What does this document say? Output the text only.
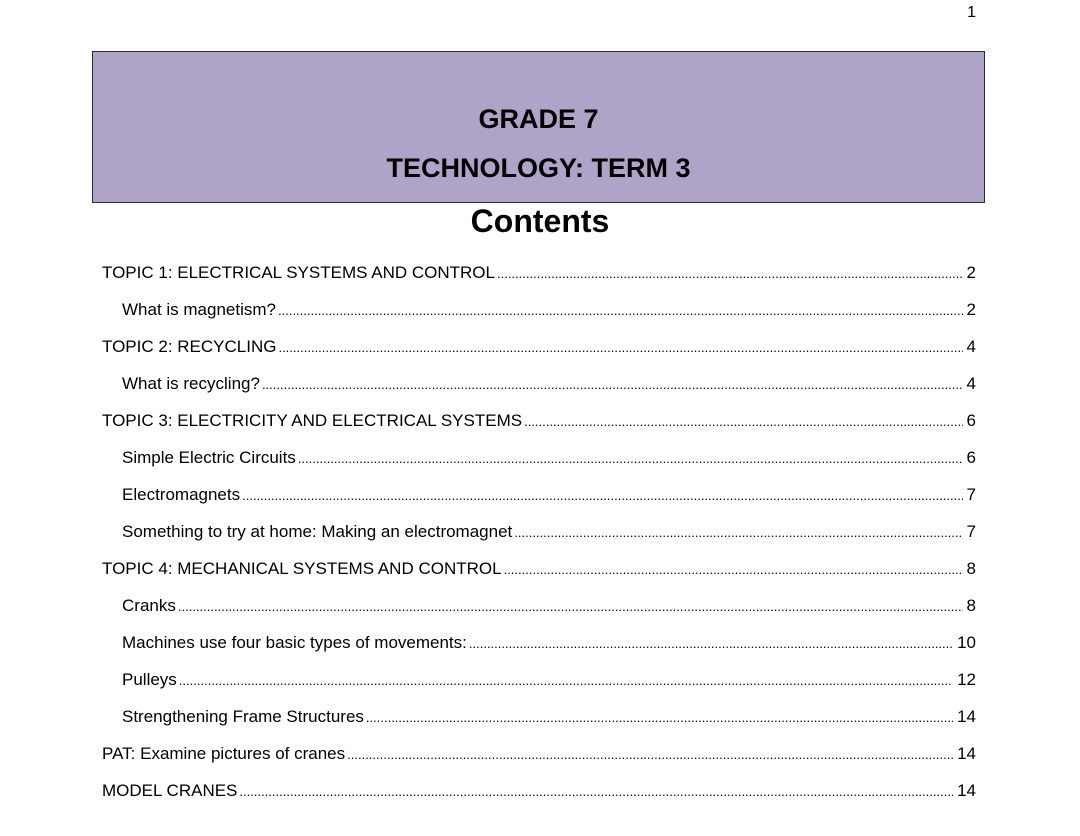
1
GRADE 7
TECHNOLOGY: TERM 3
Contents
TOPIC 1: ELECTRICAL SYSTEMS AND CONTROL .....	2
What is magnetism? .....	2
TOPIC 2: RECYCLING .....	4
What is recycling? .....	4
TOPIC 3: ELECTRICITY AND ELECTRICAL SYSTEMS .....	6
Simple Electric Circuits .....	6
Electromagnets .....	7
Something to try at home: Making an electromagnet .....	7
TOPIC 4: MECHANICAL SYSTEMS AND CONTROL .....	8
Cranks .....	8
Machines use four basic types of movements: .....	10
Pulleys .....	12
Strengthening Frame Structures .....	14
PAT: Examine pictures of cranes .....	14
MODEL CRANES .....	14
